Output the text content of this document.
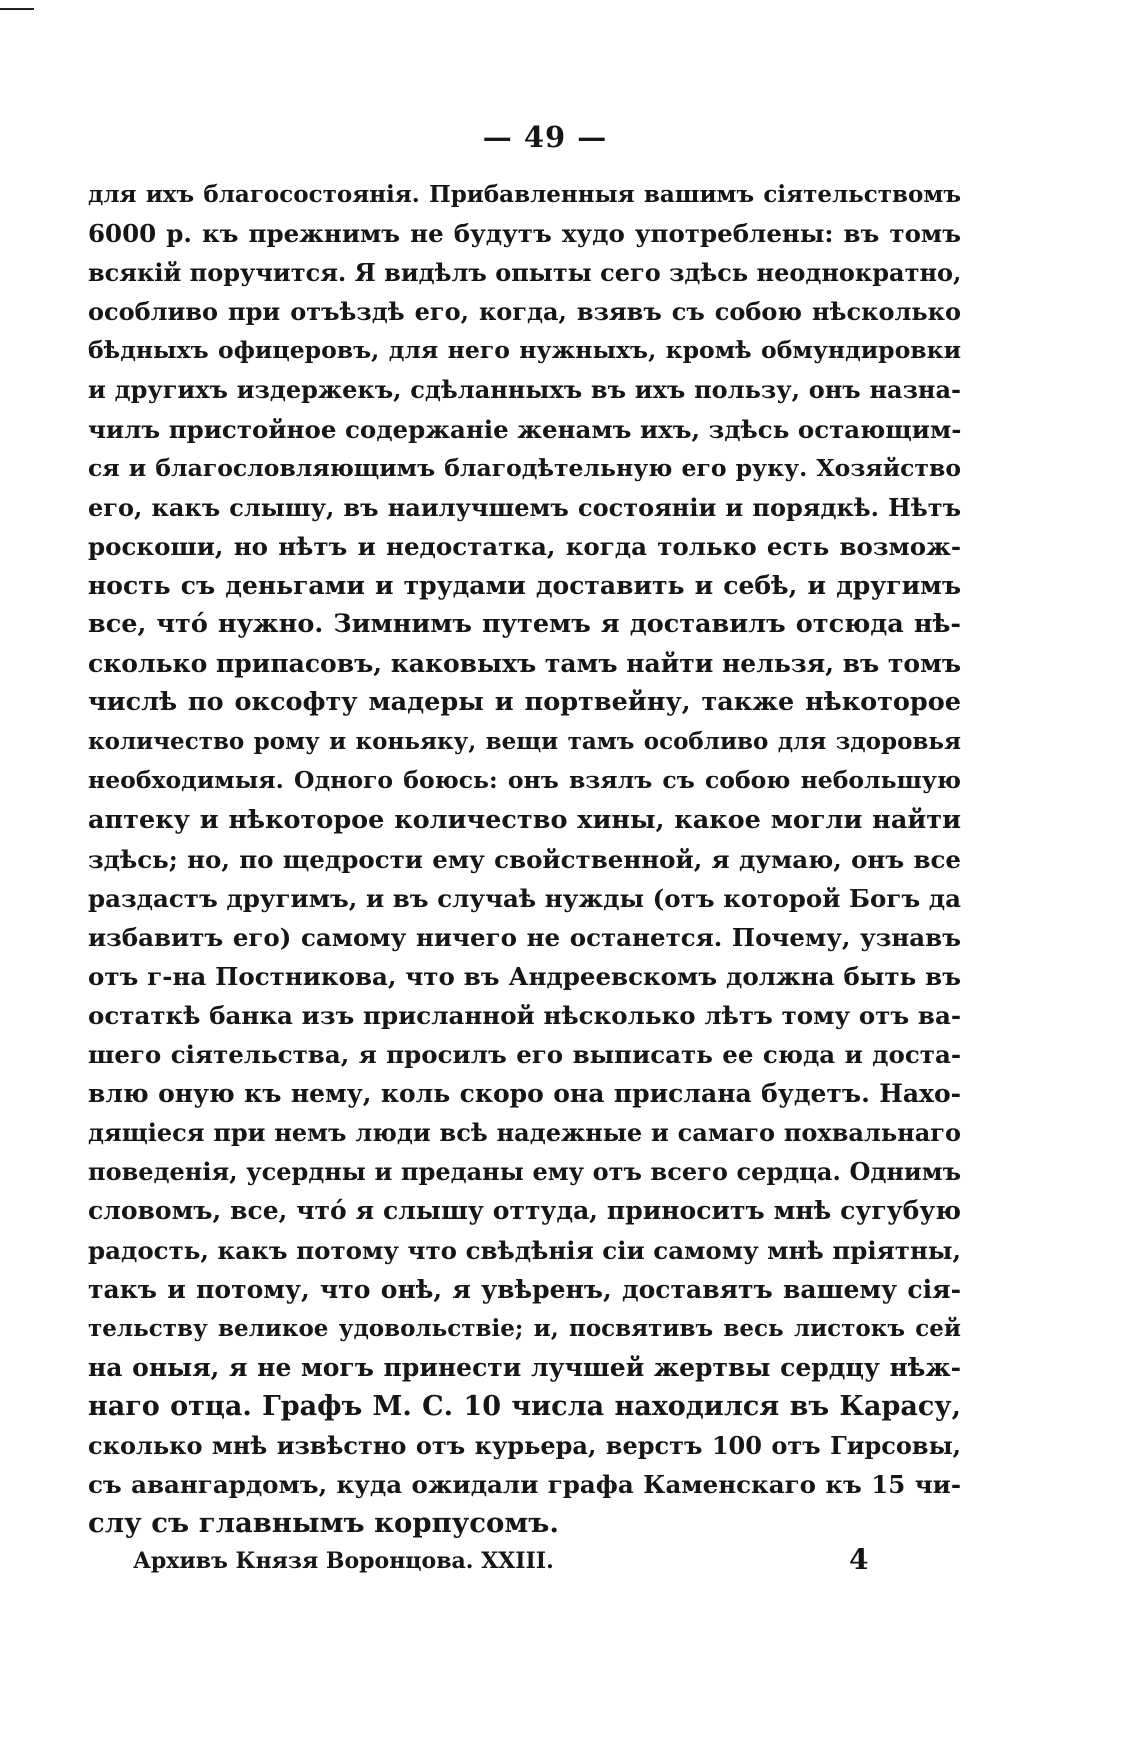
— 49 —
для ихъ благосостоянія. Прибавленныя вашимъ сіятельствомъ
6000 р. къ прежнимъ не будутъ худо употреблены: въ томъ
всякій поручится. Я видѣлъ опыты сего здѣсь неоднократно,
особливо при отъѣздѣ его, когда, взявъ съ собою нѣсколько
бѣдныхъ офицеровъ, для него нужныхъ, кромѣ обмундировки
и другихъ издержекъ, сдѣланныхъ въ ихъ пользу, онъ назна-
чилъ пристойное содержаніе женамъ ихъ, здѣсь остающим-
ся и благословляющимъ благодѣтельную его руку. Хозяйство
его, какъ слышу, въ наилучшемъ состояніи и порядкѣ. Нѣтъ
роскоши, но нѣтъ и недостатка, когда только есть возмож-
ность съ деньгами и трудами доставить и себѣ, и другимъ
все, чтó нужно. Зимнимъ путемъ я доставилъ отсюда нѣ-
сколько припасовъ, каковыхъ тамъ найти нельзя, въ томъ
числѣ по оксофту мадеры и портвейну, также нѣкоторое
количество рому и коньяку, вещи тамъ особливо для здоровья
необходимыя. Одного боюсь: онъ взялъ съ собою небольшую
аптеку и нѣкоторое количество хины, какое могли найти
здѣсь; но, по щедрости ему свойственной, я думаю, онъ все
раздастъ другимъ, и въ случаѣ нужды (отъ которой Богъ да
избавитъ его) самому ничего не останется. Почему, узнавъ
отъ г-на Постникова, что въ Андреевскомъ должна быть въ
остаткѣ банка изъ присланной нѣсколько лѣтъ тому отъ ва-
шего сіятельства, я просилъ его выписать ее сюда и доста-
влю оную къ нему, коль скоро она прислана будетъ. Нахо-
дящіеся при немъ люди всѣ надежные и самаго похвальнаго
поведенія, усердны и преданы ему отъ всего сердца. Однимъ
словомъ, все, чтó я слышу оттуда, приноситъ мнѣ сугубую
радость, какъ потому что свѣдѣнія сіи самому мнѣ пріятны,
такъ и потому, что онѣ, я увѣренъ, доставятъ вашему сія-
тельству великое удовольствіе; и, посвятивъ весь листокъ сей
на оныя, я не могъ принести лучшей жертвы сердцу нѣж-
наго отца. Графъ М. С. 10 числа находился въ Карасу,
сколько мнѣ извѣстно отъ курьера, верстъ 100 отъ Гирсовы,
съ авангардомъ, куда ожидали графа Каменскаго къ 15 чи-
слу съ главнымъ корпусомъ.
Архивъ Князя Воронцова. XXIII.	4
